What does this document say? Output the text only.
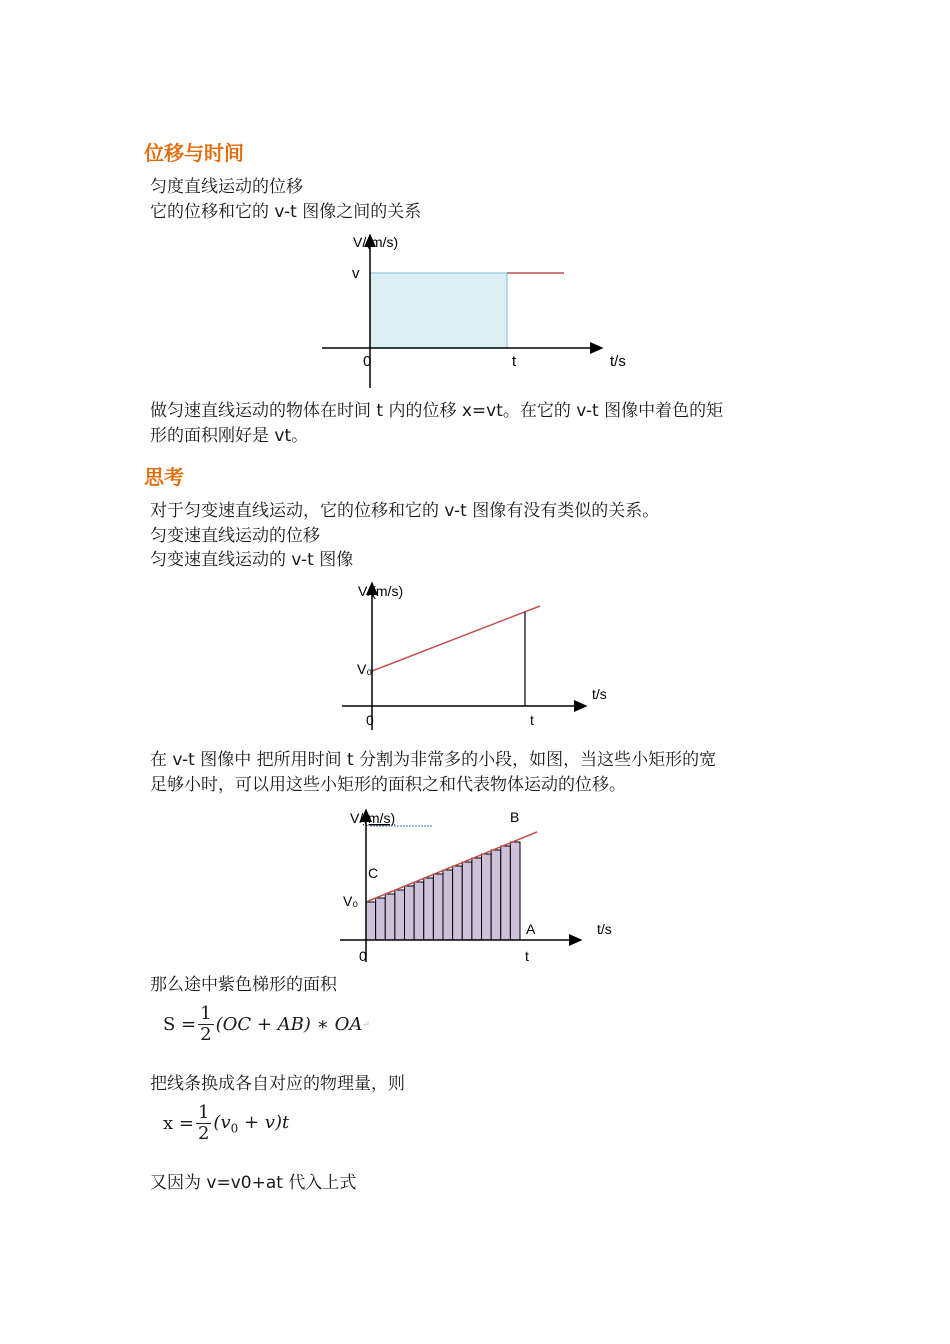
位移与时间
匀度直线运动的位移
它的位移和它的 v-t 图像之间的关系
V/(m/s)
t/s
v
0	t
做匀速直线运动的物体在时间 t 内的位移 x=vt。在它的 v-t 图像中着色的矩
形的面积刚好是 vt。
思考
对于匀变速直线运动，它的位移和它的 v-t 图像有没有类似的关系。
匀变速直线运动的位移
匀变速直线运动的 v-t 图像
V/(m/s)
t/s
V₀
0	t
在 v-t 图像中 把所用时间 t 分割为非常多的小段，如图，当这些小矩形的宽
足够小时，可以用这些小矩形的面积之和代表物体运动的位移。
V/(m/s)
t/s
V₀
0	t
A
B
C
那么途中紫色梯形的面积
$S = \frac{1}{2} (OC + AB)$ ∗ OA ↵
把线条换成各自对应的物理量，则
$x = \frac{1}{2} (v_0 + v)t$
又因为 v=v0+at 代入上式
